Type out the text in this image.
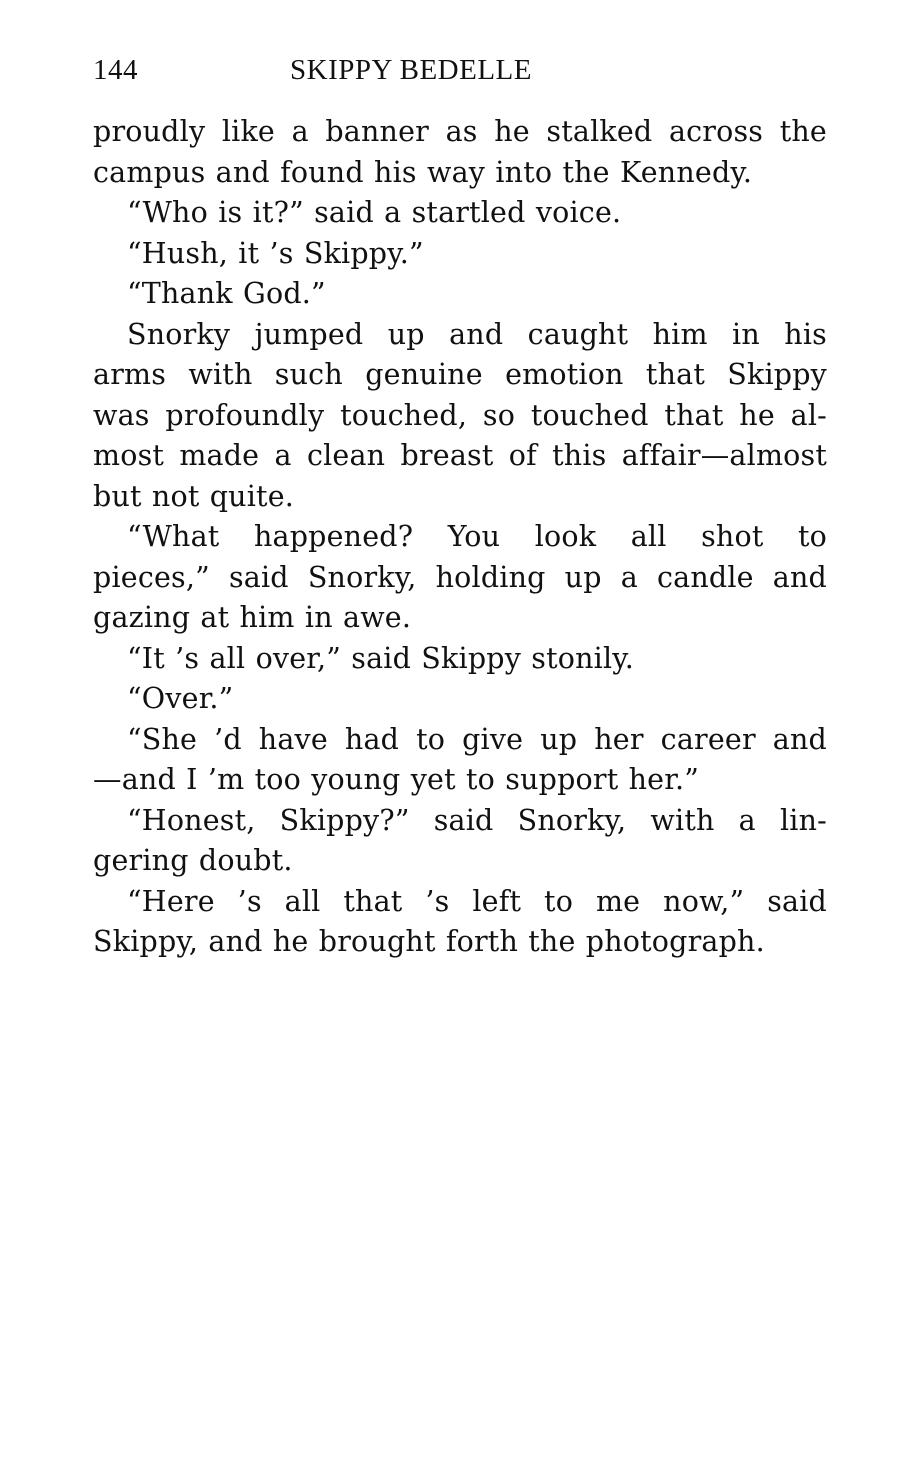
144	SKIPPY BEDELLE
proudly like a banner as he stalked across the
campus and found his way into the Kennedy.
“Who is it?” said a startled voice.
“Hush, it ’s Skippy.”
“Thank God.”
Snorky jumped up and caught him in his
arms with such genuine emotion that Skippy
was profoundly touched, so touched that he al-
most made a clean breast of this affair—almost
but not quite.
“What happened? You look all shot to
pieces,” said Snorky, holding up a candle and
gazing at him in awe.
“It ’s all over,” said Skippy stonily.
“Over.”
“She ’d have had to give up her career and
—and I ’m too young yet to support her.”
“Honest, Skippy?” said Snorky, with a lin-
gering doubt.
“Here ’s all that ’s left to me now,” said
Skippy, and he brought forth the photograph.
